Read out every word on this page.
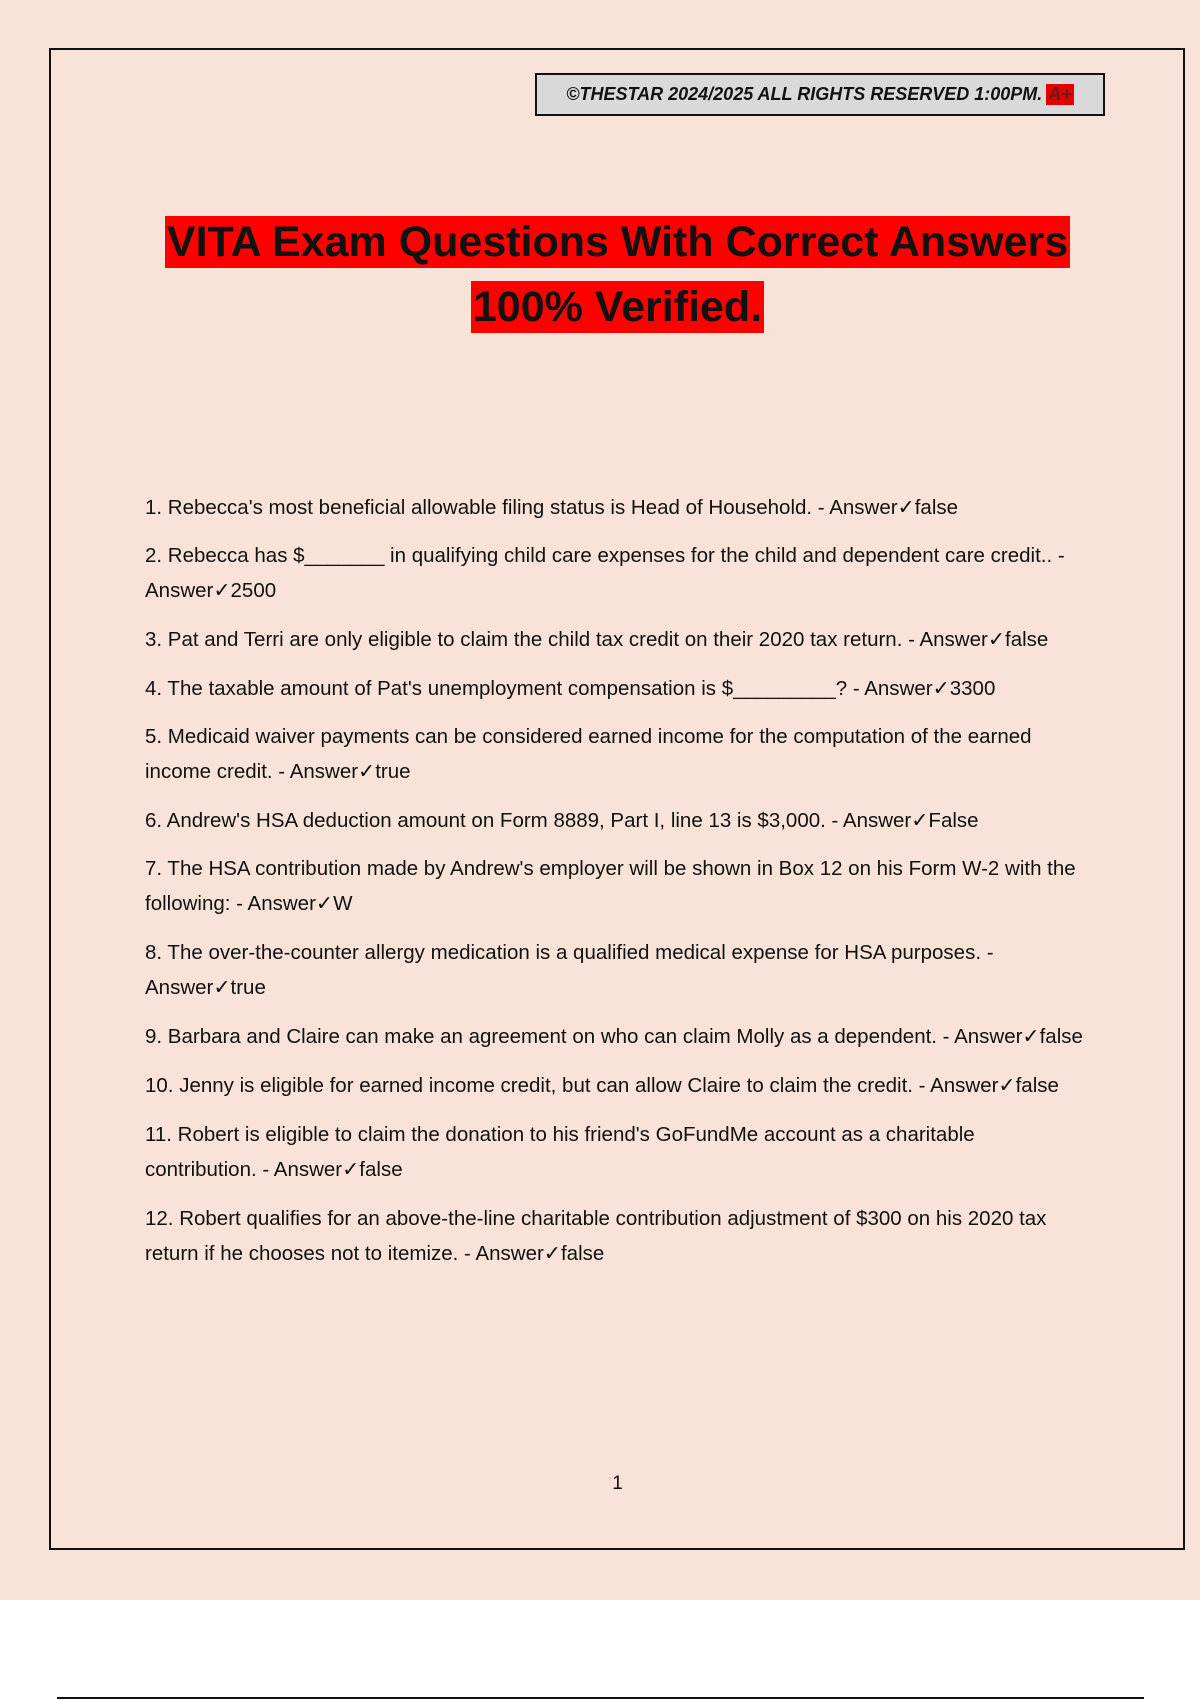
©THESTAR 2024/2025 ALL RIGHTS RESERVED 1:00PM. A+
VITA Exam Questions With Correct Answers
100% Verified.
1. Rebecca's most beneficial allowable filing status is Head of Household. - Answer✓false
2. Rebecca has $_______ in qualifying child care expenses for the child and dependent care credit.. - Answer✓2500
3. Pat and Terri are only eligible to claim the child tax credit on their 2020 tax return. - Answer✓false
4. The taxable amount of Pat's unemployment compensation is $_________? - Answer✓3300
5. Medicaid waiver payments can be considered earned income for the computation of the earned income credit. - Answer✓true
6. Andrew's HSA deduction amount on Form 8889, Part I, line 13 is $3,000. - Answer✓False
7. The HSA contribution made by Andrew's employer will be shown in Box 12 on his Form W-2 with the following: - Answer✓W
8. The over-the-counter allergy medication is a qualified medical expense for HSA purposes. - Answer✓true
9. Barbara and Claire can make an agreement on who can claim Molly as a dependent. - Answer✓false
10. Jenny is eligible for earned income credit, but can allow Claire to claim the credit. - Answer✓false
11. Robert is eligible to claim the donation to his friend's GoFundMe account as a charitable contribution. - Answer✓false
12. Robert qualifies for an above-the-line charitable contribution adjustment of $300 on his 2020 tax return if he chooses not to itemize. - Answer✓false
1
